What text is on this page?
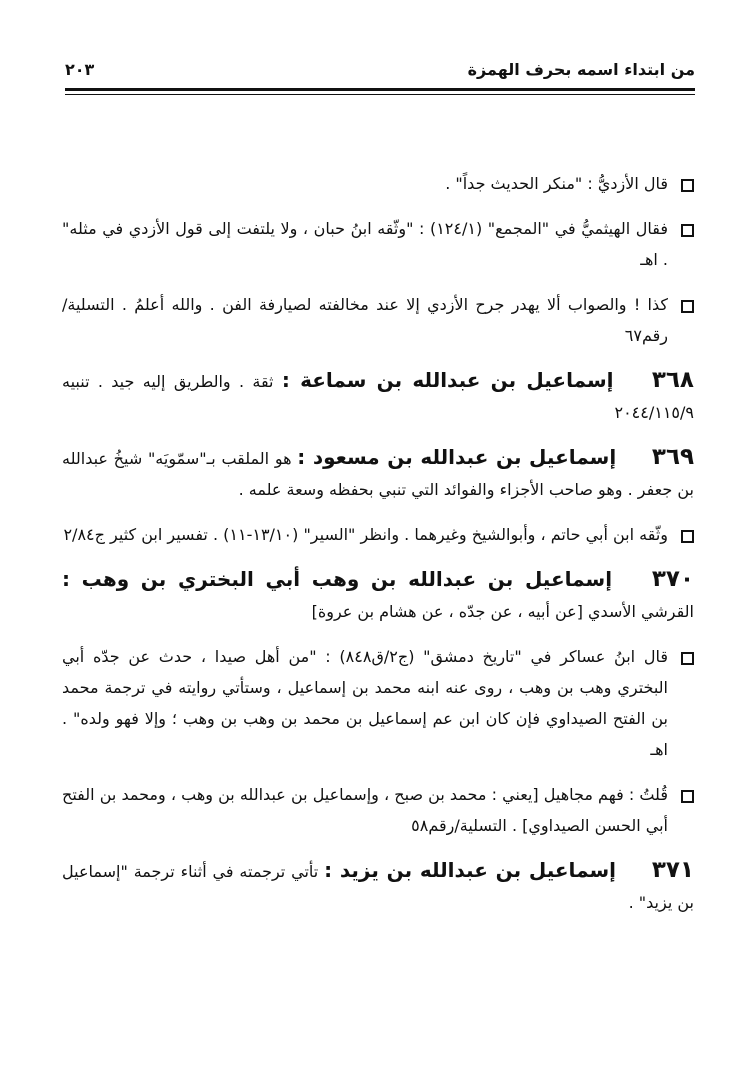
من ابتداء اسمه بحرف الهمزة
٢٠٣
قال الأزديُّ : "منكر الحديث جداً" .
فقال الهيثميُّ في "المجمع" (١٢٤/١) : "وثّقه ابنُ حبان ، ولا يلتفت إلى قول الأزدي في مثله" . اهـ
كذا ! والصواب ألا يهدر جرح الأزدي إلا عند مخالفته لصيارفة الفن . والله أعلمُ . التسلية/رقم٦٧
٣٦٨ إسماعيل بن عبدالله بن سماعة : ثقة . والطريق إليه جيد . تنبيه ٢٠٤٤/١١٥/٩
٣٦٩ إسماعيل بن عبدالله بن مسعود : هو الملقب بـ"سمّويَه" شيخُ عبدالله بن جعفر . وهو صاحب الأجزاء والفوائد التي تنبي بحفظه وسعة علمه .
وثّقه ابن أبي حاتم ، وأبوالشيخ وغيرهما . وانظر "السير" (١٣/١٠-١١) . تفسير ابن كثير ج٢/٨٤
٣٧٠ إسماعيل بن عبدالله بن وهب أبي البختري بن وهب : القرشي الأسدي [عن أبيه ، عن جدّه ، عن هشام بن عروة]
قال ابنُ عساكر في "تاريخ دمشق" (ج٢/ق٨٤٨) : "من أهل صيدا ، حدث عن جدّه أبي البختري وهب بن وهب ، روى عنه ابنه محمد بن إسماعيل ، وستأتي روايته في ترجمة محمد بن الفتح الصيداوي فإن كان ابن عم إسماعيل بن محمد بن وهب بن وهب ؛ وإلا فهو ولده" . اهـ
قُلتُ : فهم مجاهيل [يعني : محمد بن صبح ، وإسماعيل بن عبدالله بن وهب ، ومحمد بن الفتح أبي الحسن الصيداوي] . التسلية/رقم٥٨
٣٧١ إسماعيل بن عبدالله بن يزيد : تأتي ترجمته في أثناء ترجمة "إسماعيل بن يزيد" .
